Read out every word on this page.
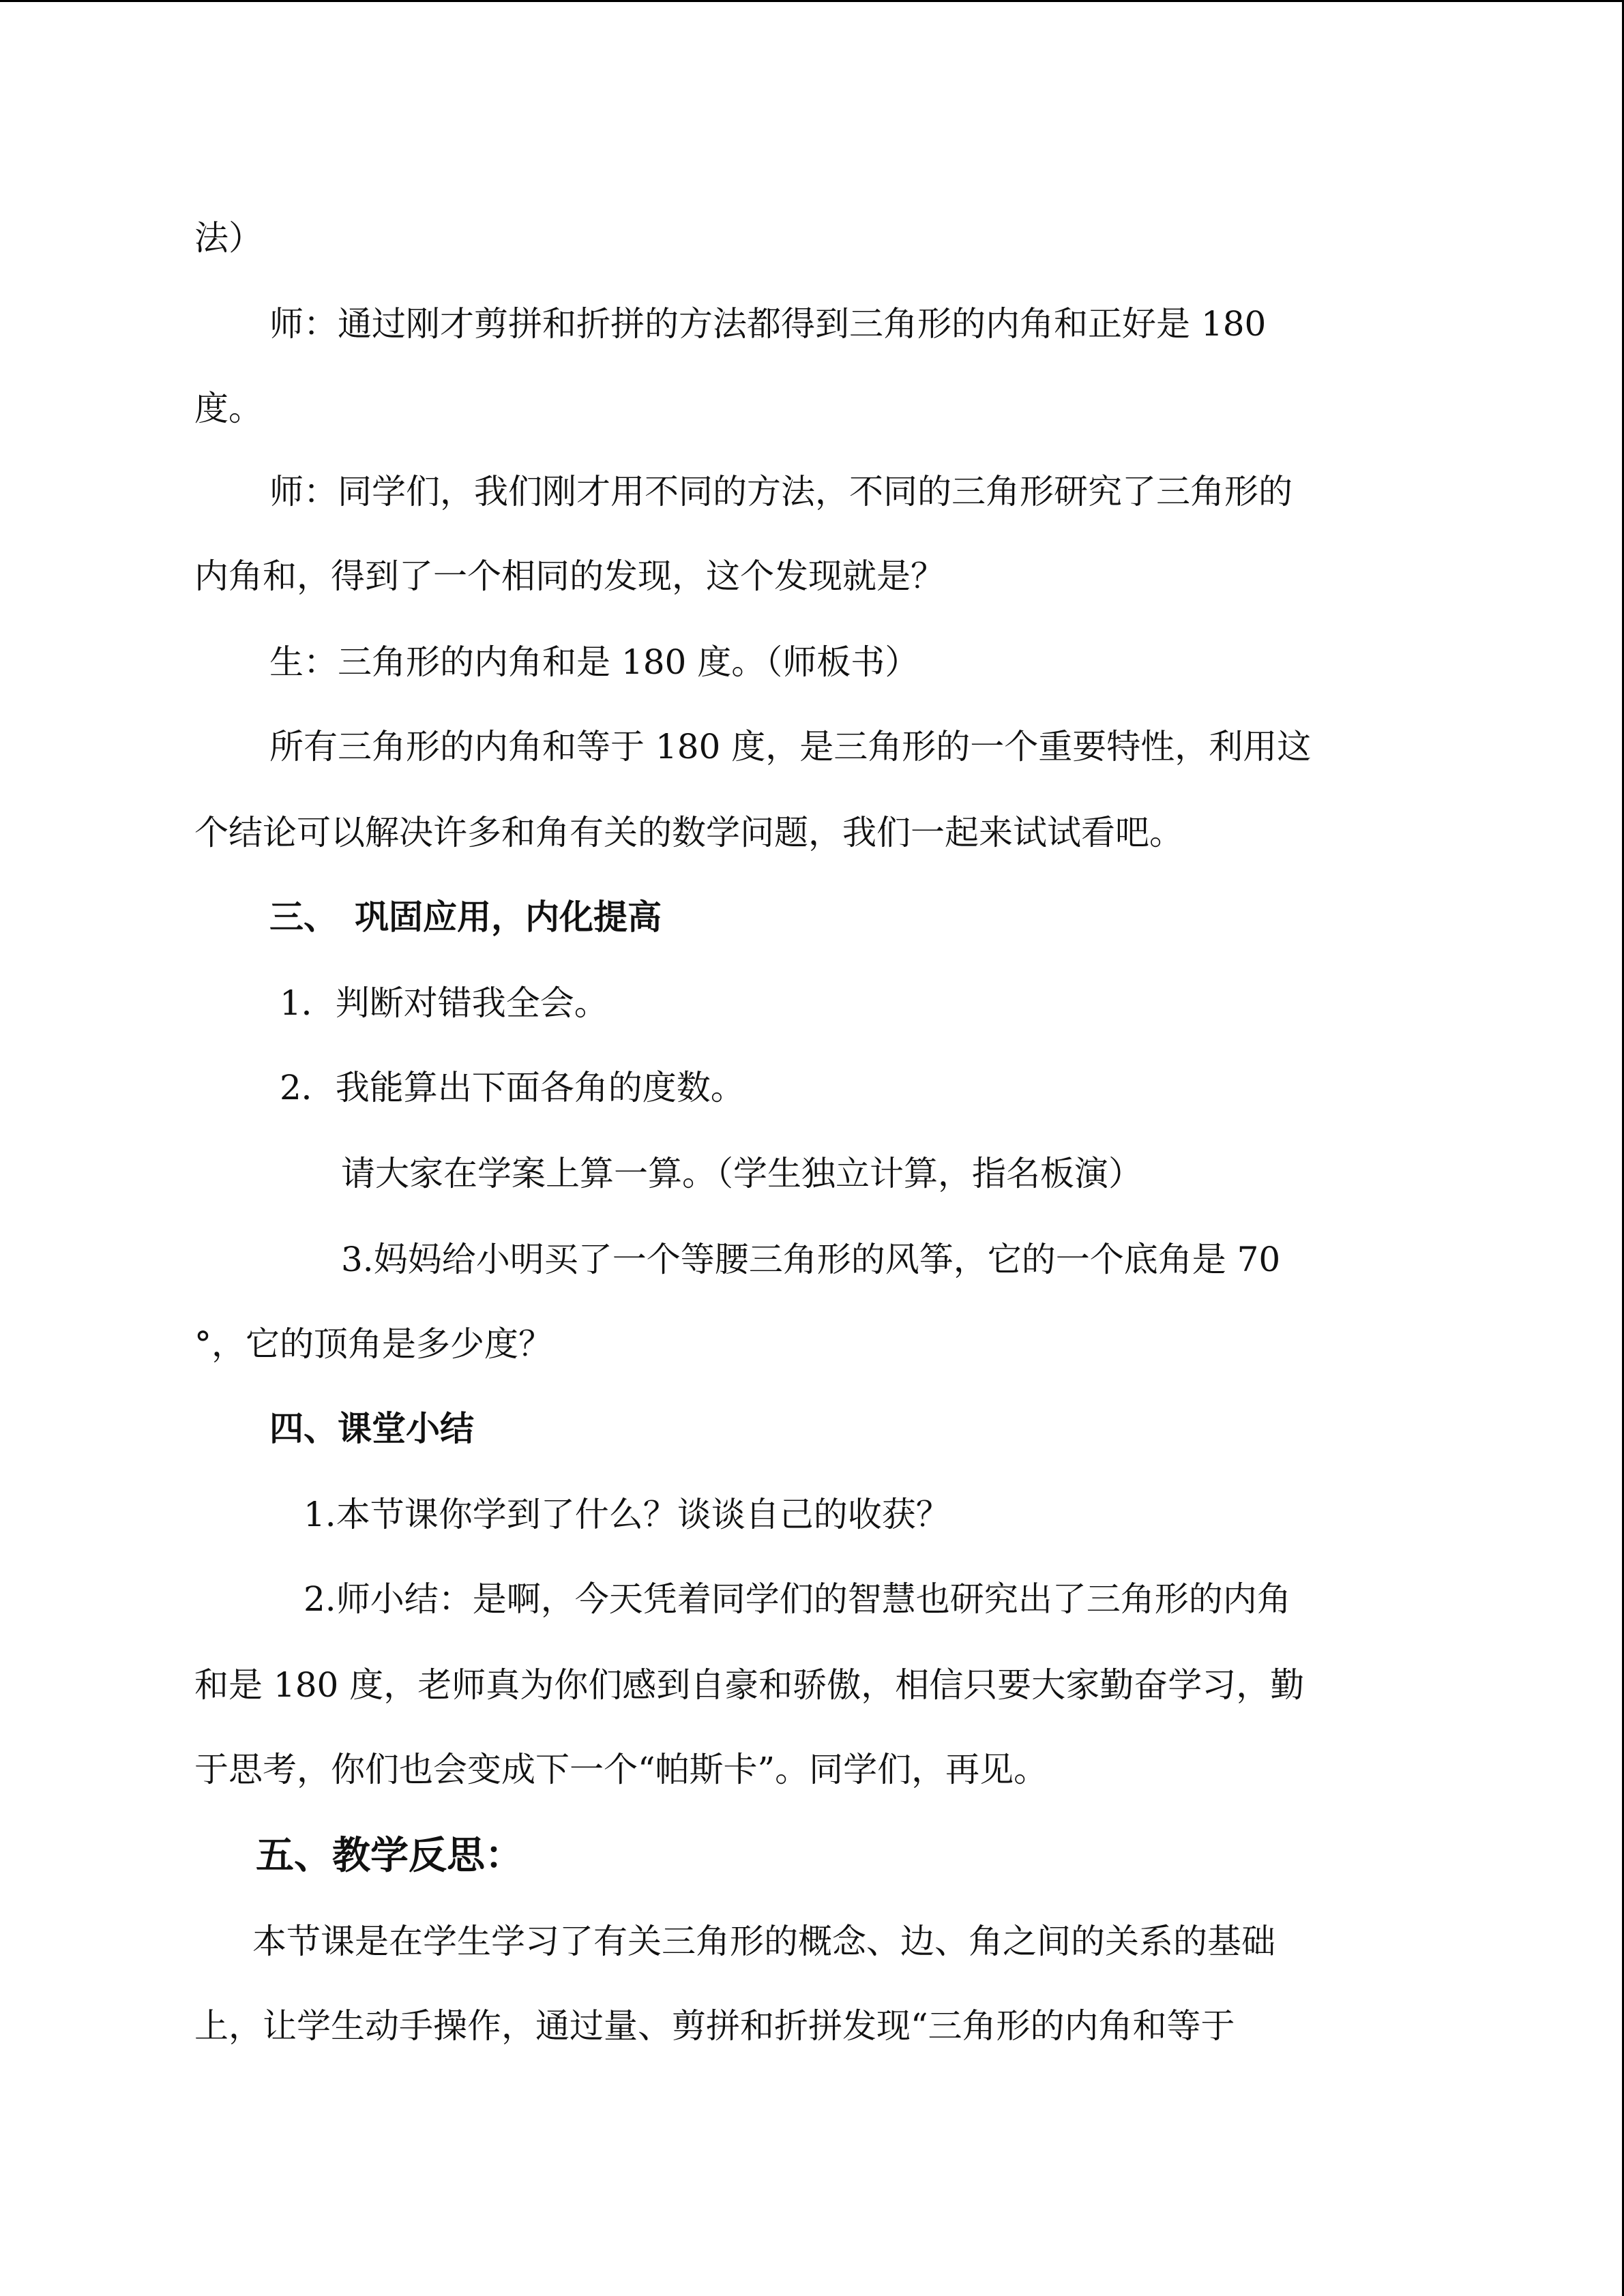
法）

师：通过刚才剪拼和折拼的方法都得到三角形的内角和正好是 180

度。

师：同学们，我们刚才用不同的方法，不同的三角形研究了三角形的

内角和，得到了一个相同的发现，这个发现就是？

生：三角形的内角和是 180 度。（师板书）

所有三角形的内角和等于 180 度，是三角形的一个重要特性，利用这

个结论可以解决许多和角有关的数学问题，我们一起来试试看吧。

三、　巩固应用，内化提高

1．判断对错我全会。

2．我能算出下面各角的度数。

请大家在学案上算一算。（学生独立计算，指名板演）

3.妈妈给小明买了一个等腰三角形的风筝，它的一个底角是 70

°，它的顶角是多少度？

四、课堂小结

1.本节课你学到了什么？谈谈自己的收获？

2.师小结：是啊，今天凭着同学们的智慧也研究出了三角形的内角

和是 180 度，老师真为你们感到自豪和骄傲，相信只要大家勤奋学习，勤

于思考，你们也会变成下一个“帕斯卡”。同学们，再见。

五、教学反思：

本节课是在学生学习了有关三角形的概念、边、角之间的关系的基础

上，让学生动手操作，通过量、剪拼和折拼发现“三角形的内角和等于
